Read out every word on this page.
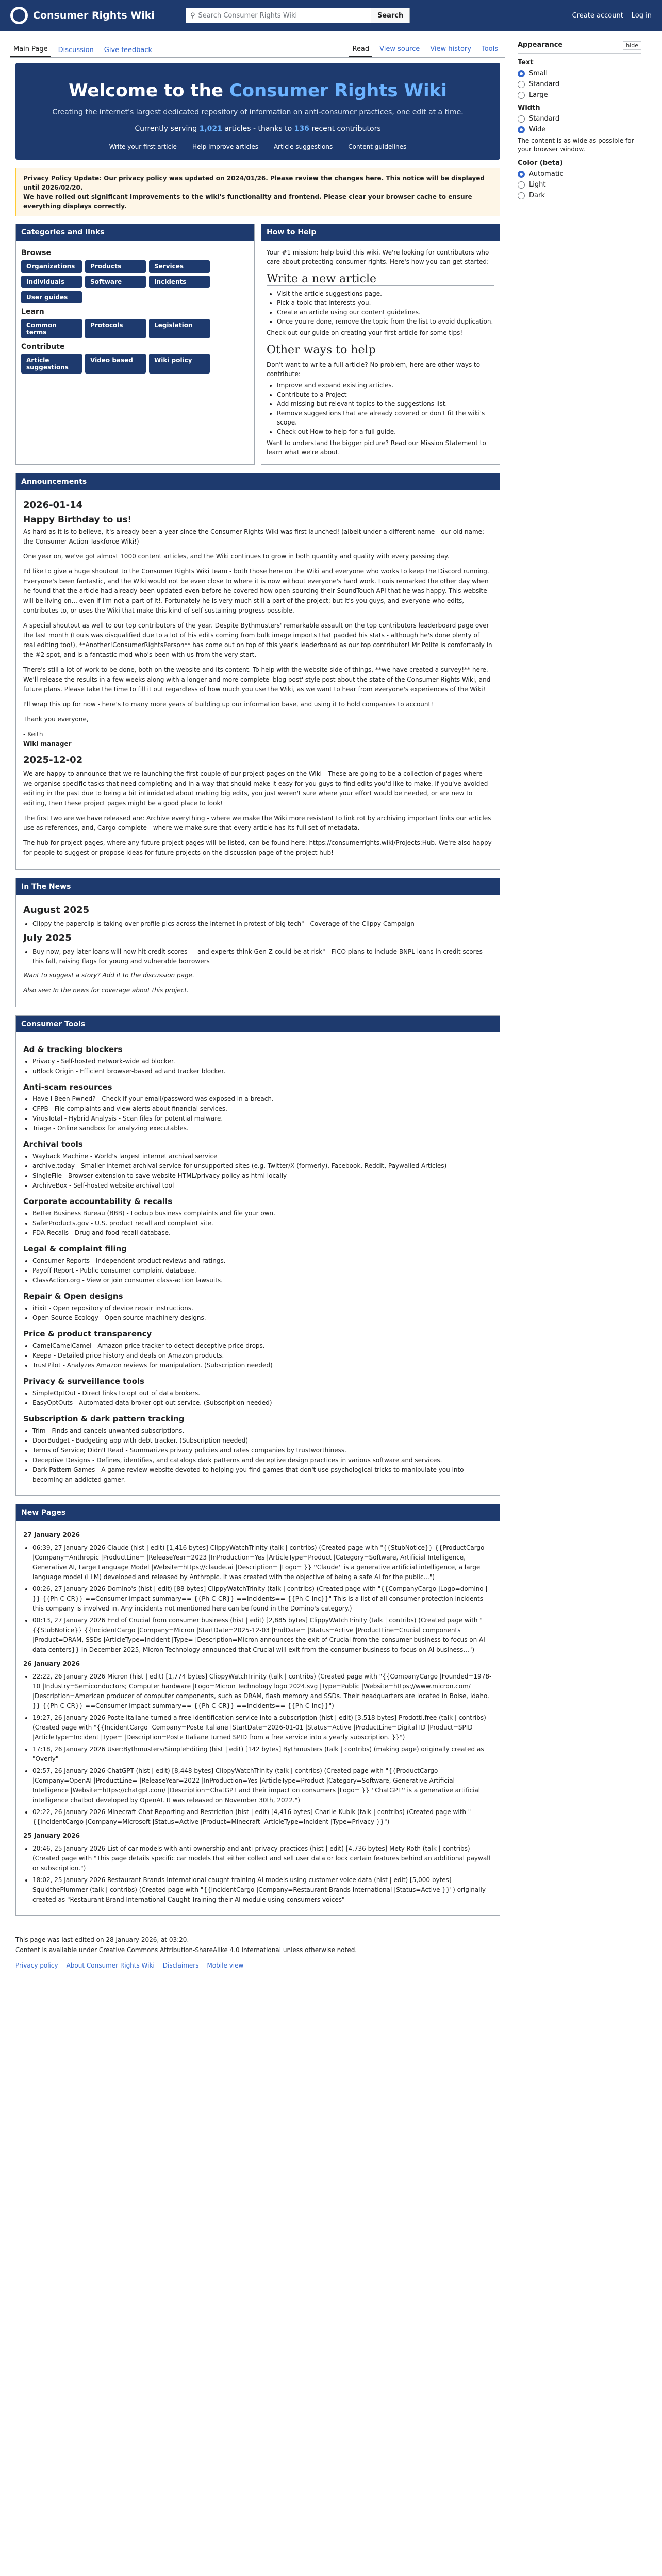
Consumer Rights Wiki	⚲ Search Consumer Rights Wiki	Search	Create account Log in
Main Page	Discussion	Give feedback	Read	View source	View history	Tools
Welcome to the Consumer Rights Wiki
Creating the internet's largest dedicated repository of information on anti-consumer practices, one edit at a time.
Currently serving 1,021 articles - thanks to 136 recent contributors
Write your first article	Help improve articles	Article suggestions	Content guidelines
Privacy Policy Update: Our privacy policy was updated on 2024/01/26. Please review the changes here. This notice will be displayed until 2026/02/20.
We have rolled out significant improvements to the wiki's functionality and frontend. Please clear your browser cache to ensure everything displays correctly.
Categories and links
Browse
Organizations	Products	Services
Individuals	Software	Incidents
User guides
Learn
Common terms
Protocols	Legislation
Contribute
Article suggestions
Video based	Wiki policy
How to Help

Your #1 mission: help build this wiki. We're looking for contributors who care about protecting consumer rights. Here's how you can get started:

Write a new article
• Visit the article suggestions page.
• Pick a topic that interests you.
• Create an article using our content guidelines.
• Once you're done, remove the topic from the list to avoid duplication.

Check out our guide on creating your first article for some tips!

Other ways to help

Don't want to write a full article? No problem, here are other ways to contribute:

• Improve and expand existing articles.
• Contribute to a Project
• Add missing but relevant topics to the suggestions list.
• Remove suggestions that are already covered or don't fit the wiki's scope.
• Check out How to help for a full guide.

Want to understand the bigger picture? Read our Mission Statement to learn what we're about.

Announcements
2026-01-14
Happy Birthday to us!

As hard as it is to believe, it's already been a year since the Consumer Rights Wiki was first launched! (albeit under a different name - our old name: the Consumer Action Taskforce Wiki!)

One year on, we've got almost 1000 content articles, and the Wiki continues to grow in both quantity and quality with every passing day.

I'd like to give a huge shoutout to the Consumer Rights Wiki team - both those here on the Wiki and everyone who works to keep the Discord running. Everyone's been fantastic, and the Wiki would not be even close to where it is now without everyone's hard work. Louis remarked the other day when he found that the article had already been updated even before he covered how open-sourcing their SoundTouch API that he was happy. This website will be living on... even if I'm not a part of it!. Fortunately he is very much still a part of the project; but it's you guys, and everyone who edits, contributes to, or uses the Wiki that make this kind of self-sustaining progress possible.

A special shoutout as well to our top contributors of the year. Despite Bythmusters' remarkable assault on the top contributors leaderboard page over the last month (Louis was disqualified due to a lot of his edits coming from bulk image imports that padded his stats - although he's done plenty of real editing too!), **Another!ConsumerRightsPerson** has come out on top of this year's leaderboard as our top contributor! Mr Polite is comfortably in the #2 spot, and is a fantastic mod who's been with us from the very start.

There's still a lot of work to be done, both on the website and its content. To help with the website side of things, **we have created a survey!** here. We'll release the results in a few weeks along with a longer and more complete 'blog post' style post about the state of the Consumer Rights Wiki, and future plans. Please take the time to fill it out regardless of how much you use the Wiki, as we want to hear from everyone's experiences of the Wiki!

I'll wrap this up for now - here's to many more years of building up our information base, and using it to hold companies to account!

Thank you everyone,

- Keith
Wiki manager
2025-12-02

We are happy to announce that we're launching the first couple of our project pages on the Wiki - These are going to be a collection of pages where we organise specific tasks that need completing and in a way that should make it easy for you guys to find edits you'd like to make. If you've avoided editing in the past due to being a bit intimidated about making big edits, you just weren't sure where your effort would be needed, or are new to editing, then these project pages might be a good place to look!

The first two are we have released are: Archive everything - where we make the Wiki more resistant to link rot by archiving important links our articles use as references, and, Cargo-complete - where we make sure that every article has its full set of metadata.

The hub for project pages, where any future project pages will be listed, can be found here: https://consumerrights.wiki/Projects:Hub. We're also happy for people to suggest or propose ideas for future projects on the discussion page of the project hub!

In The News
August 2025
• Clippy the paperclip is taking over profile pics across the internet in protest of big tech" - Coverage of the Clippy Campaign
July 2025
• Buy now, pay later loans will now hit credit scores — and experts think Gen Z could be at risk" - FICO plans to include BNPL loans in credit scores this fall, raising flags for young and vulnerable borrowers

Want to suggest a story? Add it to the discussion page.

Also see: In the news for coverage about this project.

Consumer Tools
Ad & tracking blockers
• Privacy - Self-hosted network-wide ad blocker.
• uBlock Origin - Efficient browser-based ad and tracker blocker.
Anti-scam resources
• Have I Been Pwned? - Check if your email/password was exposed in a breach.
• CFPB - File complaints and view alerts about financial services.
• VirusTotal - Hybrid Analysis - Scan files for potential malware.
• Triage - Online sandbox for analyzing executables.
Archival tools
• Wayback Machine - World's largest internet archival service
• archive.today - Smaller internet archival service for unsupported sites (e.g. Twitter/X (formerly), Facebook, Reddit, Paywalled Articles)
• SingleFile - Browser extension to save website HTML/privacy policy as html locally
• ArchiveBox - Self-hosted website archival tool
Corporate accountability & recalls
• Better Business Bureau (BBB) - Lookup business complaints and file your own.
• SaferProducts.gov - U.S. product recall and complaint site.
• FDA Recalls - Drug and food recall database.
Legal & complaint filing
• Consumer Reports - Independent product reviews and ratings.
• Payoff Report - Public consumer complaint database.
• ClassAction.org - View or join consumer class-action lawsuits.
Repair & Open designs
• iFixit - Open repository of device repair instructions.
• Open Source Ecology - Open source machinery designs.
Price & product transparency
• CamelCamelCamel - Amazon price tracker to detect deceptive price drops.
• Keepa - Detailed price history and deals on Amazon products.
• TrustPilot - Analyzes Amazon reviews for manipulation. (Subscription needed)
Privacy & surveillance tools
• SimpleOptOut - Direct links to opt out of data brokers.
• EasyOptOuts - Automated data broker opt-out service. (Subscription needed)
Subscription & dark pattern tracking
• Trim - Finds and cancels unwanted subscriptions.
• DoorBudget - Budgeting app with debt tracker. (Subscription needed)
• Terms of Service; Didn't Read - Summarizes privacy policies and rates companies by trustworthiness.
• Deceptive Designs - Defines, identifies, and catalogs dark patterns and deceptive design practices in various software and services.
• Dark Pattern Games - A game review website devoted to helping you find games that don't use psychological tricks to manipulate you into becoming an addicted gamer.
New Pages
27 January 2026
• 06:39, 27 January 2026 Claude (hist | edit) [1,416 bytes] ClippyWatchTrinity (talk | contribs) (Created page with "{{StubNotice}} {{ProductCargo |Company=Anthropic |ProductLine= |ReleaseYear=2023 |InProduction=Yes |ArticleType=Product |Category=Software, Artificial Intelligence, Generative AI, Large Language Model |Website=https://claude.ai |Description= |Logo= }} ''Claude'' is a generative artificial intelligence, a large language model (LLM) developed and released by Anthropic. It was created with the objective of being a safe AI for the public...")
• 00:26, 27 January 2026 Domino's (hist | edit) [88 bytes] ClippyWatchTrinity (talk | contribs) (Created page with "{{CompanyCargo |Logo=domino | }} {{Ph-C-CR}} ==Consumer impact summary== {{Ph-C-CR}} ==Incidents== {{Ph-C-Inc}}" This is a list of all consumer-protection incidents this company is involved in. Any incidents not mentioned here can be found in the Domino's category.)
• 00:13, 27 January 2026 End of Crucial from consumer business (hist | edit) [2,885 bytes] ClippyWatchTrinity (talk | contribs) (Created page with "{{StubNotice}} {{IncidentCargo |Company=Micron |StartDate=2025-12-03 |EndDate= |Status=Active |ProductLine=Crucial components |Product=DRAM, SSDs |ArticleType=Incident |Type= |Description=Micron announces the exit of Crucial from the consumer business to focus on AI data centers}} In December 2025, Micron Technology announced that Crucial will exit from the consumer business to focus on AI business...")
26 January 2026
• 22:22, 26 January 2026 Micron (hist | edit) [1,774 bytes] ClippyWatchTrinity (talk | contribs) (Created page with "{{CompanyCargo |Founded=1978-10 |Industry=Semiconductors; Computer hardware |Logo=Micron Technology logo 2024.svg |Type=Public |Website=https://www.micron.com/ |Description=American producer of computer components, such as DRAM, flash memory and SSDs. Their headquarters are located in Boise, Idaho. }} {{Ph-C-CR}} ==Consumer impact summary== {{Ph-C-CR}} ==Incidents== {{Ph-C-Inc}}")
• 19:27, 26 January 2026 Poste Italiane turned a free identification service into a subscription (hist | edit) [3,518 bytes] Prodotti.free (talk | contribs) (Created page with "{{IncidentCargo |Company=Poste Italiane |StartDate=2026-01-01 |Status=Active |ProductLine=Digital ID |Product=SPID |ArticleType=Incident |Type= |Description=Poste Italiane turned SPID from a free service into a yearly subscription. }}")
• 17:18, 26 January 2026 User:Bythmusters/SimpleEditing (hist | edit) [142 bytes] Bythmusters (talk | contribs) (making page) originally created as "Overly"
• 02:57, 26 January 2026 ChatGPT (hist | edit) [8,448 bytes] ClippyWatchTrinity (talk | contribs) (Created page with "{{ProductCargo |Company=OpenAI |ProductLine= |ReleaseYear=2022 |InProduction=Yes |ArticleType=Product |Category=Software, Generative Artificial Intelligence |Website=https://chatgpt.com/ |Description=ChatGPT and their impact on consumers |Logo= }} ''ChatGPT'' is a generative artificial intelligence chatbot developed by OpenAI. It was released on November 30th, 2022.")
• 02:22, 26 January 2026 Minecraft Chat Reporting and Restriction (hist | edit) [4,416 bytes] Charlie Kubik (talk | contribs) (Created page with "{{IncidentCargo |Company=Microsoft |Status=Active |Product=Minecraft |ArticleType=Incident |Type=Privacy }}")
25 January 2026
• 20:46, 25 January 2026 List of car models with anti-ownership and anti-privacy practices (hist | edit) [4,736 bytes] Mety Roth (talk | contribs) (Created page with "This page details specific car models that either collect and sell user data or lock certain features behind an additional paywall or subscription.")
• 18:02, 25 January 2026 Restaurant Brands International caught training AI models using customer voice data (hist | edit) [5,000 bytes] SquidthePlummer (talk | contribs) (Created page with "{{IncidentCargo |Company=Restaurant Brands International |Status=Active }}") originally created as "Restaurant Brand International Caught Training their AI module using consumers voices"
This page was last edited on 28 January 2026, at 03:20.
Content is available under Creative Commons Attribution-ShareAlike 4.0 International unless otherwise noted.
Privacy policy About Consumer Rights Wiki Disclaimers Mobile view
Appearance	hide
Text
Small
Standard
Large
Width
Standard
Wide
The content is as wide as possible for your browser window.
Color (beta)
Automatic
Light
Dark
